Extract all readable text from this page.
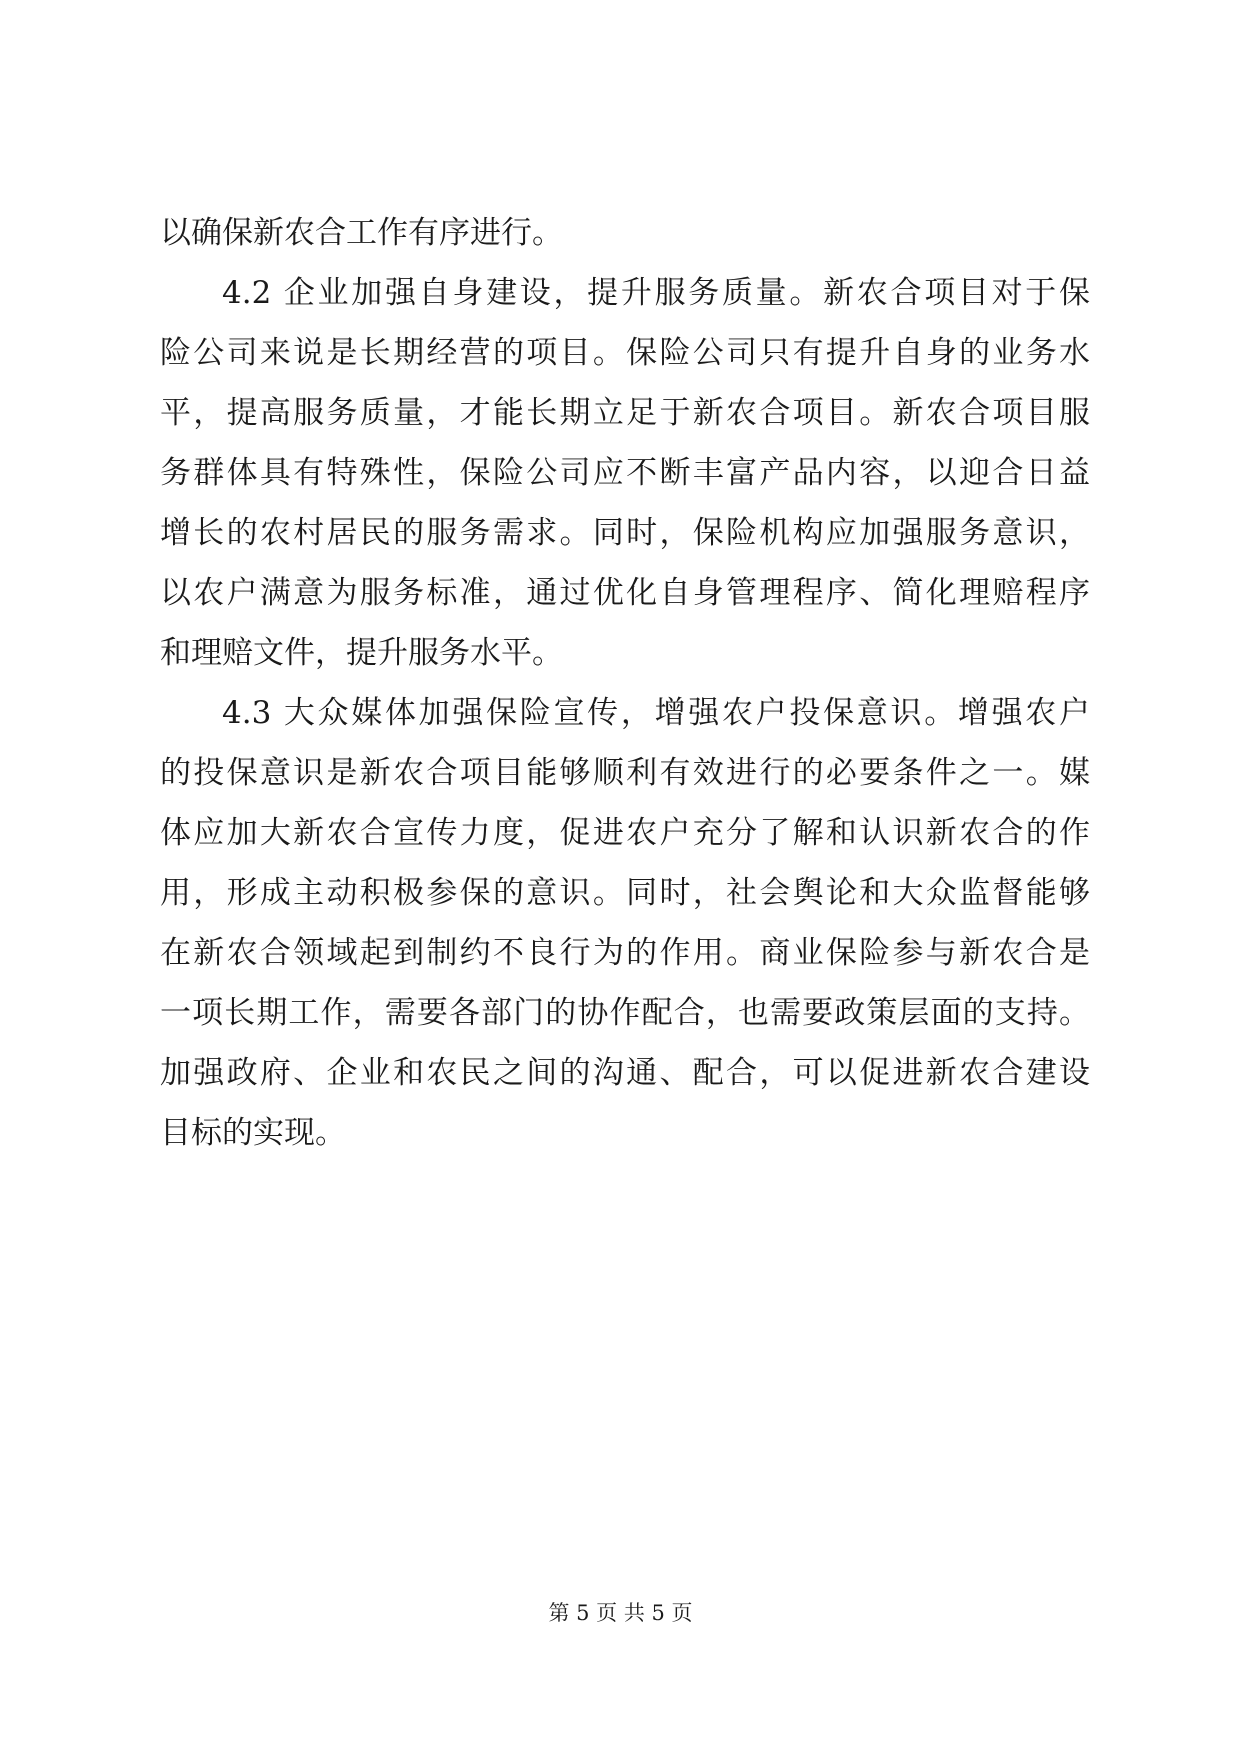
以确保新农合工作有序进行。
4.2 企业加强自身建设，提升服务质量。新农合项目对于保
险公司来说是长期经营的项目。保险公司只有提升自身的业务水
平，提高服务质量，才能长期立足于新农合项目。新农合项目服
务群体具有特殊性，保险公司应不断丰富产品内容，以迎合日益
增长的农村居民的服务需求。同时，保险机构应加强服务意识，
以农户满意为服务标准，通过优化自身管理程序、简化理赔程序
和理赔文件，提升服务水平。
4.3 大众媒体加强保险宣传，增强农户投保意识。增强农户
的投保意识是新农合项目能够顺利有效进行的必要条件之一。媒
体应加大新农合宣传力度，促进农户充分了解和认识新农合的作
用，形成主动积极参保的意识。同时，社会舆论和大众监督能够
在新农合领域起到制约不良行为的作用。商业保险参与新农合是
一项长期工作，需要各部门的协作配合，也需要政策层面的支持。
加强政府、企业和农民之间的沟通、配合，可以促进新农合建设
目标的实现。
第 5 页 共 5 页
